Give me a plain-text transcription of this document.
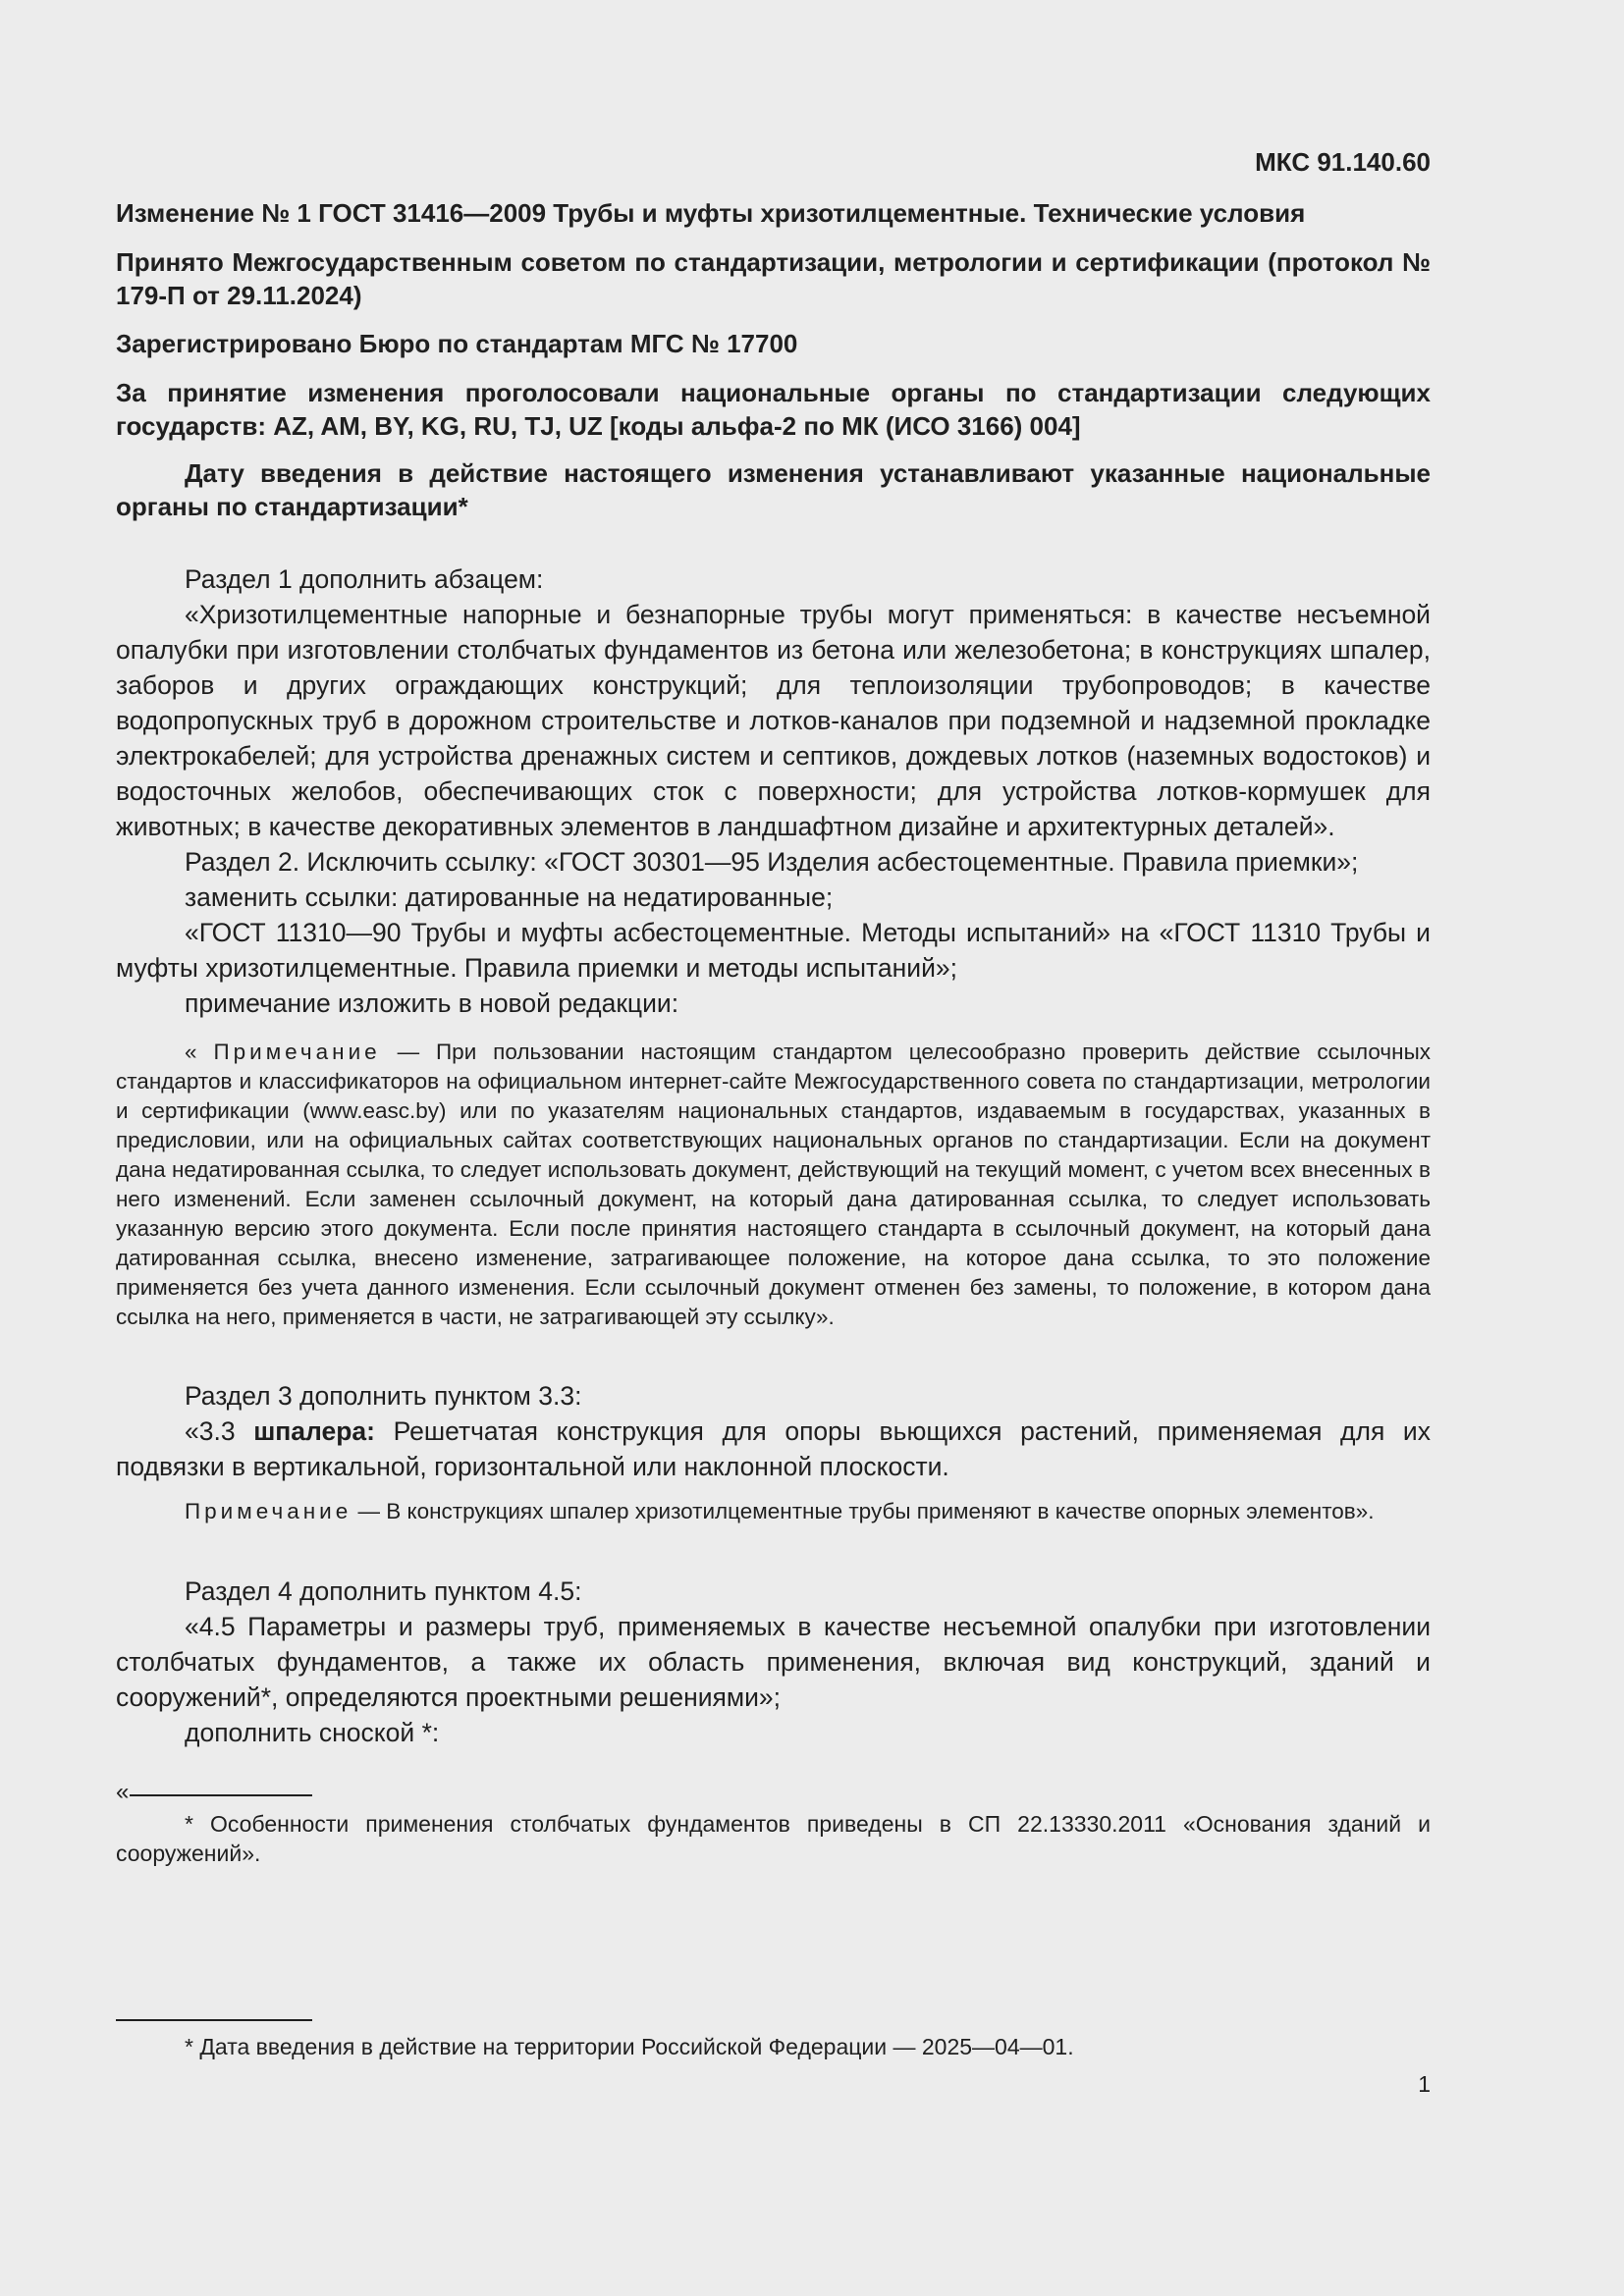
МКС 91.140.60
Изменение № 1 ГОСТ 31416—2009 Трубы и муфты хризотилцементные. Технические условия
Принято Межгосударственным советом по стандартизации, метрологии и сертификации (протокол № 179-П от 29.11.2024)
Зарегистрировано Бюро по стандартам МГС № 17700
За принятие изменения проголосовали национальные органы по стандартизации следующих государств: AZ, AM, BY, KG, RU, TJ, UZ [коды альфа-2 по МК (ИСО 3166) 004]
Дату введения в действие настоящего изменения устанавливают указанные национальные органы по стандартизации*

Раздел 1 дополнить абзацем:

«Хризотилцементные напорные и безнапорные трубы могут применяться: в качестве несъемной опалубки при изготовлении столбчатых фундаментов из бетона или железобетона; в конструкциях шпалер, заборов и других ограждающих конструкций; для теплоизоляции трубопроводов; в качестве водопропускных труб в дорожном строительстве и лотков-каналов при подземной и надземной прокладке электрокабелей; для устройства дренажных систем и септиков, дождевых лотков (наземных водостоков) и водосточных желобов, обеспечивающих сток с поверхности; для устройства лотков-кормушек для животных; в качестве декоративных элементов в ландшафтном дизайне и архитектурных деталей».

Раздел 2. Исключить ссылку: «ГОСТ 30301—95 Изделия асбестоцементные. Правила приемки»;

заменить ссылки: датированные на недатированные;

«ГОСТ 11310—90 Трубы и муфты асбестоцементные. Методы испытаний» на «ГОСТ 11310 Трубы и муфты хризотилцементные. Правила приемки и методы испытаний»;

примечание изложить в новой редакции:

« Примечание — При пользовании настоящим стандартом целесообразно проверить действие ссылочных стандартов и классификаторов на официальном интернет-сайте Межгосударственного совета по стандартизации, метрологии и сертификации (www.easc.by) или по указателям национальных стандартов, издаваемым в государствах, указанных в предисловии, или на официальных сайтах соответствующих национальных органов по стандартизации. Если на документ дана недатированная ссылка, то следует использовать документ, действующий на текущий момент, с учетом всех внесенных в него изменений. Если заменен ссылочный документ, на который дана датированная ссылка, то следует использовать указанную версию этого документа. Если после принятия настоящего стандарта в ссылочный документ, на который дана датированная ссылка, внесено изменение, затрагивающее положение, на которое дана ссылка, то это положение применяется без учета данного изменения. Если ссылочный документ отменен без замены, то положение, в котором дана ссылка на него, применяется в части, не затрагивающей эту ссылку».

Раздел 3 дополнить пунктом 3.3:

«3.3 шпалера: Решетчатая конструкция для опоры вьющихся растений, применяемая для их подвязки в вертикальной, горизонтальной или наклонной плоскости.

Примечание — В конструкциях шпалер хризотилцементные трубы применяют в качестве опорных элементов».

Раздел 4 дополнить пунктом 4.5:

«4.5 Параметры и размеры труб, применяемых в качестве несъемной опалубки при изготовлении столбчатых фундаментов, а также их область применения, включая вид конструкций, зданий и сооружений*, определяются проектными решениями»;

дополнить сноской *:

«
* Особенности применения столбчатых фундаментов приведены в СП 22.13330.2011 «Основания зданий и сооружений».
* Дата введения в действие на территории Российской Федерации — 2025—04—01.
1
